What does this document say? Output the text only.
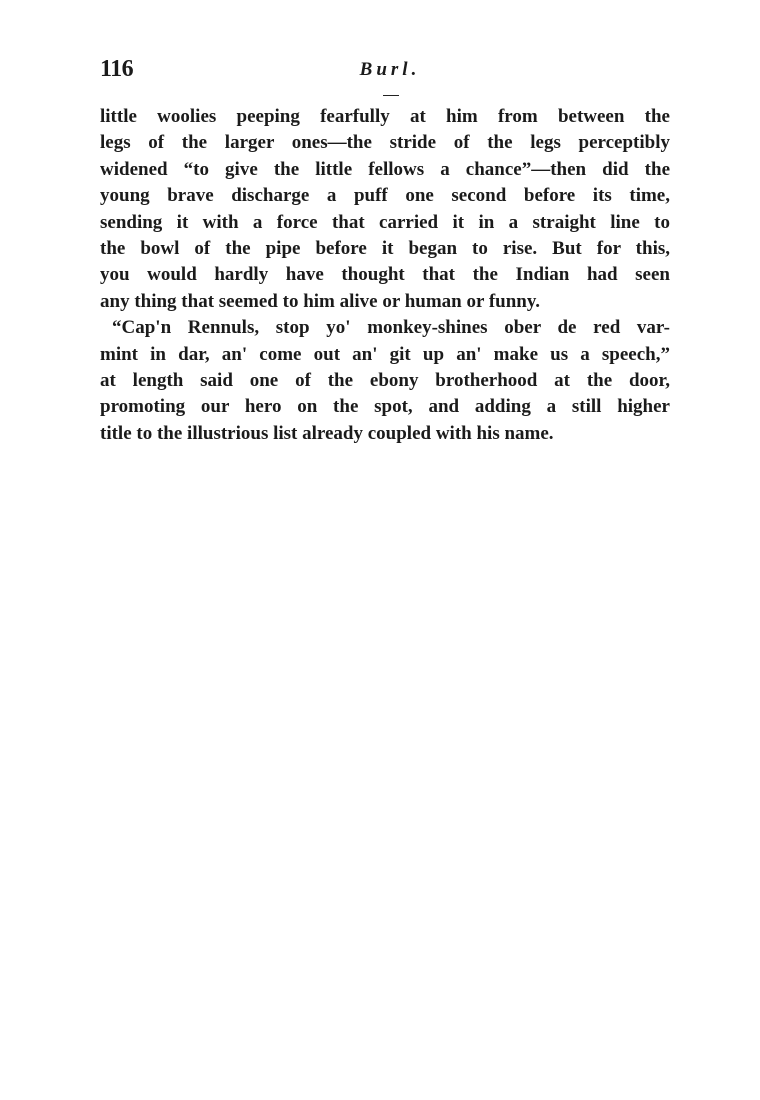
116	Burl.
little woolies peeping fearfully at him from between the
legs of the larger ones—the stride of the legs perceptibly
widened “to give the little fellows a chance”—then did the
young brave discharge a puff one second before its time,
sending it with a force that carried it in a straight line to
the bowl of the pipe before it began to rise. But for this,
you would hardly have thought that the Indian had seen
any thing that seemed to him alive or human or funny.
“Cap'n Rennuls, stop yo' monkey-shines ober de red var-
mint in dar, an' come out an' git up an' make us a speech,”
at length said one of the ebony brotherhood at the door,
promoting our hero on the spot, and adding a still higher
title to the illustrious list already coupled with his name.
